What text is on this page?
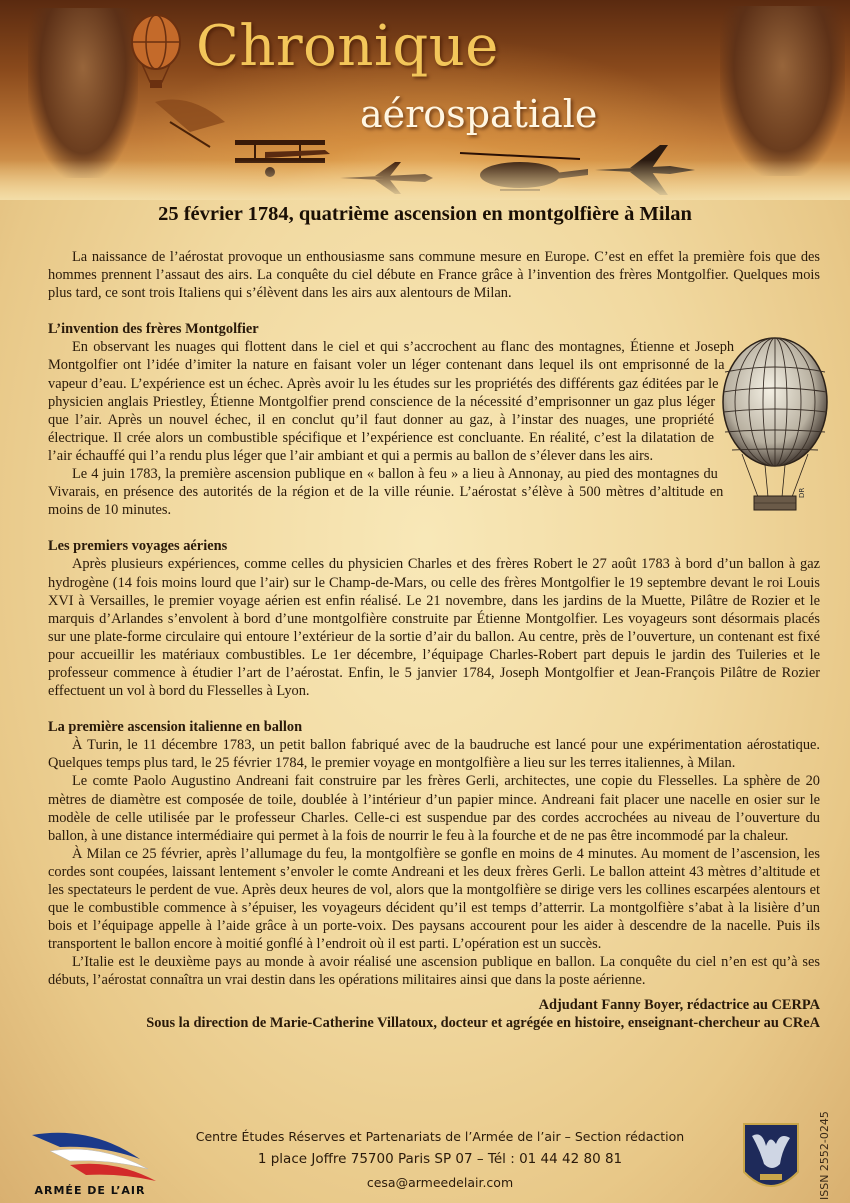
Chronique
aérospatiale
25 février 1784, quatrième ascension en montgolfière à Milan

La naissance de l’aérostat provoque un enthousiasme sans commune mesure en Europe. C’est en effet la première fois que des hommes prennent l’assaut des airs. La conquête du ciel débute en France grâce à l’invention des frères Montgolfier. Quelques mois plus tard, ce sont trois Italiens qui s’élèvent dans les airs aux alentours de Milan.

L’invention des frères Montgolfier

En observant les nuages qui flottent dans le ciel et qui s’accrochent au flanc des montagnes, Étienne et Joseph Montgolfier ont l’idée d’imiter la nature en faisant voler un léger contenant dans lequel ils ont emprisonné de la vapeur d’eau. L’expérience est un échec. Après avoir lu les études sur les propriétés des différents gaz éditées par le physicien anglais Priestley, Étienne Montgolfier prend conscience de la nécessité d’emprisonner un gaz plus léger que l’air. Après un nouvel échec, il en conclut qu’il faut donner au gaz, à l’instar des nuages, une propriété électrique. Il crée alors un combustible spécifique et l’expérience est concluante. En réalité, c’est la dilatation de l’air échauffé qui l’a rendu plus léger que l’air ambiant et qui a permis au ballon de s’élever dans les airs.

Le 4 juin 1783, la première ascension publique en « ballon à feu » a lieu à Annonay, au pied des montagnes du Vivarais, en présence des autorités de la région et de la ville réunie. L’aérostat s’élève à 500 mètres d’altitude en moins de 10 minutes.

Les premiers voyages aériens

Après plusieurs expériences, comme celles du physicien Charles et des frères Robert le 27 août 1783 à bord d’un ballon à gaz hydrogène (14 fois moins lourd que l’air) sur le Champ-de-Mars, ou celle des frères Montgolfier le 19 septembre devant le roi Louis XVI à Versailles, le premier voyage aérien est enfin réalisé. Le 21 novembre, dans les jardins de la Muette, Pilâtre de Rozier et le marquis d’Arlandes s’envolent à bord d’une montgolfière construite par Étienne Montgolfier. Les voyageurs sont désormais placés sur une plate-forme circulaire qui entoure l’extérieur de la sortie d’air du ballon. Au centre, près de l’ouverture, un contenant est fixé pour accueillir les matériaux combustibles. Le 1er décembre, l’équipage Charles-Robert part depuis le jardin des Tuileries et le professeur commence à étudier l’art de l’aérostat. Enfin, le 5 janvier 1784, Joseph Montgolfier et Jean-François Pilâtre de Rozier effectuent un vol à bord du Flesselles à Lyon.

La première ascension italienne en ballon

À Turin, le 11 décembre 1783, un petit ballon fabriqué avec de la baudruche est lancé pour une expérimentation aérostatique. Quelques temps plus tard, le 25 février 1784, le premier voyage en montgolfière a lieu sur les terres italiennes, à Milan.

Le comte Paolo Augustino Andreani fait construire par les frères Gerli, architectes, une copie du Flesselles. La sphère de 20 mètres de diamètre est composée de toile, doublée à l’intérieur d’un papier mince. Andreani fait placer une nacelle en osier sur le modèle de celle utilisée par le professeur Charles. Celle-ci est suspendue par des cordes accrochées au niveau de l’ouverture du ballon, à une distance intermédiaire qui permet à la fois de nourrir le feu à la fourche et de ne pas être incommodé par la chaleur.

À Milan ce 25 février, après l’allumage du feu, la montgolfière se gonfle en moins de 4 minutes. Au moment de l’ascension, les cordes sont coupées, laissant lentement s’envoler le comte Andreani et les deux frères Gerli. Le ballon atteint 43 mètres d’altitude et les spectateurs le perdent de vue. Après deux heures de vol, alors que la montgolfière se dirige vers les collines escarpées alentours et que le combustible commence à s’épuiser, les voyageurs décident qu’il est temps d’atterrir. La montgolfière s’abat à la lisière d’un bois et l’équipage appelle à l’aide grâce à un porte-voix. Des paysans accourent pour les aider à descendre de la nacelle. Puis ils transportent le ballon encore à moitié gonflé à l’endroit où il est parti. L’opération est un succès.

L’Italie est le deuxième pays au monde à avoir réalisé une ascension publique en ballon. La conquête du ciel n’en est qu’à ses débuts, l’aérostat connaîtra un vrai destin dans les opérations militaires ainsi que dans la poste aérienne.

Adjudant Fanny Boyer, rédactrice au CERPA
Sous la direction de Marie-Catherine Villatoux, docteur et agrégée en histoire, enseignant-chercheur au CReA
DR
ARMÉE DE L’AIR
Centre Études Réserves et Partenariats de l’Armée de l’air – Section rédaction
1 place Joffre 75700 Paris SP 07 – Tél : 01 44 42 80 81
cesa@armeedelair.com	ISSN 2552-0245
